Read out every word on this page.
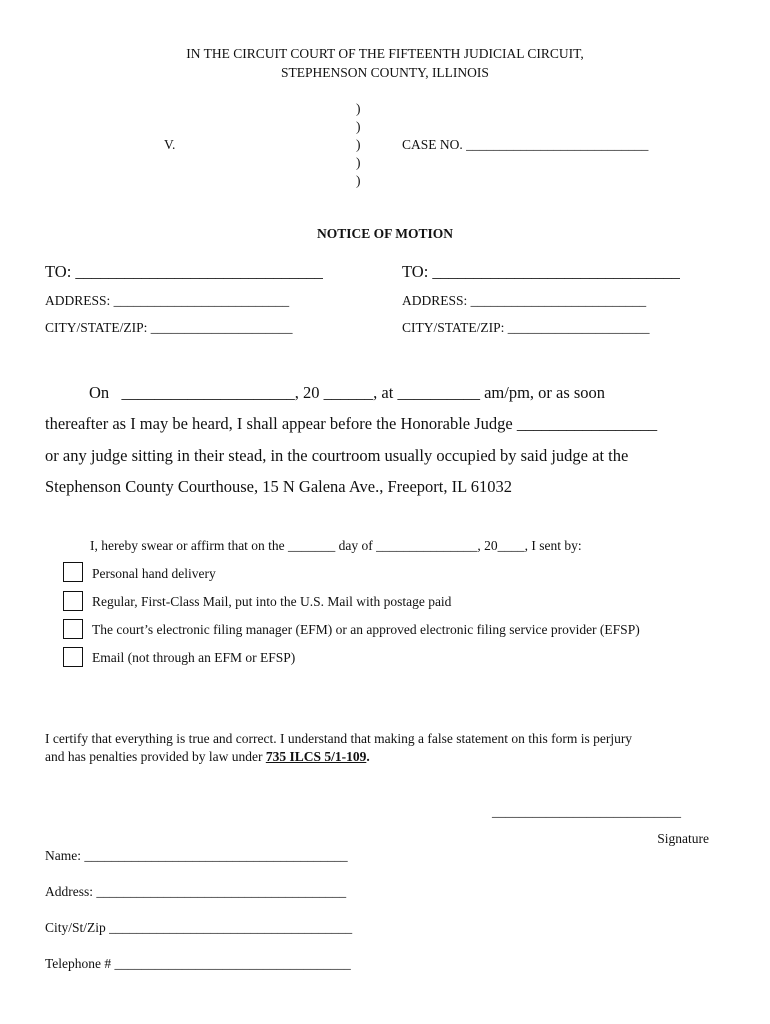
IN THE CIRCUIT COURT OF THE FIFTEENTH JUDICIAL CIRCUIT,
STEPHENSON COUNTY, ILLINOIS
)
)
)
)
)
V.	CASE NO. ___________________________
NOTICE OF MOTION
TO: ______________________________	TO: ______________________________
ADDRESS: __________________________	ADDRESS: __________________________
CITY/STATE/ZIP: _____________________	CITY/STATE/ZIP: _____________________
On   _____________________, 20 ______, at __________ am/pm, or as soon
thereafter as I may be heard, I shall appear before the Honorable Judge _________________
or any judge sitting in their stead, in the courtroom usually occupied by said judge at the
Stephenson County Courthouse, 15 N Galena Ave., Freeport, IL 61032
I, hereby swear or affirm that on the _______ day of _______________, 20____, I sent by:
Personal hand delivery
Regular, First-Class Mail, put into the U.S. Mail with postage paid
The court’s electronic filing manager (EFM) or an approved electronic filing service provider (EFSP)
Email (not through an EFM or EFSP)
I certify that everything is true and correct. I understand that making a false statement on this form is perjury
and has penalties provided by law under 735 ILCS 5/1-109.
____________________________
Signature
Name: _______________________________________
Address: _____________________________________
City/St/Zip ____________________________________
Telephone # ___________________________________
